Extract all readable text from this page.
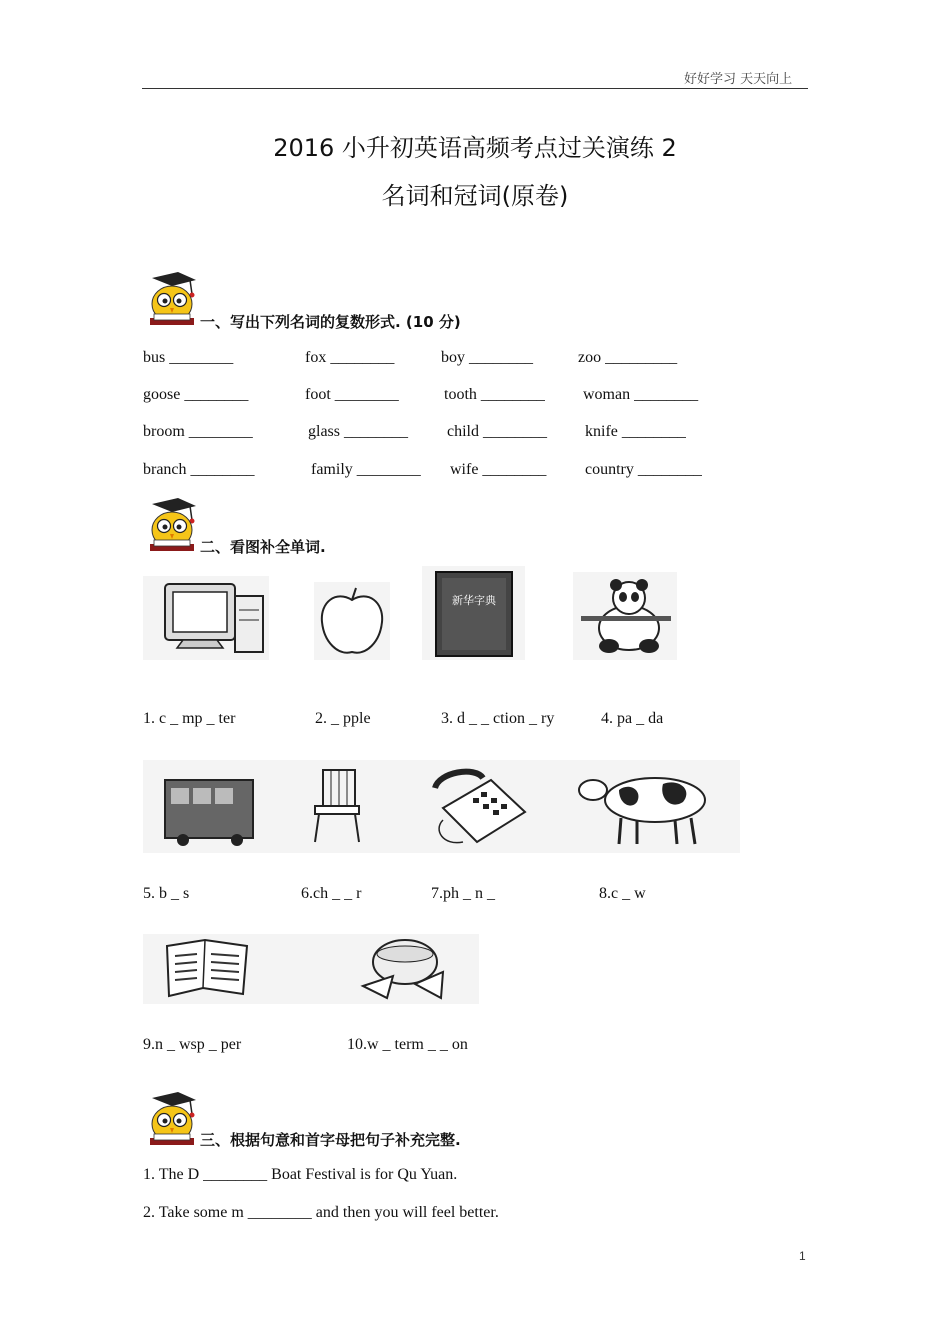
好好学习 天天向上
2016 小升初英语高频考点过关演练 2
名词和冠词(原卷)
一、写出下列名词的复数形式. (10 分)
bus ________	fox ________	boy ________	zoo _________
goose ________	foot ________	tooth ________ woman ________
broom ________	glass ________ child ________ knife ________
branch ________	family ________ wife ________ country ________
二、看图补全单词.
新华字典
1. c _ mp _ ter	2. _ pple	3. d _ _ ction _ ry	4. pa _ da
5. b _ s	6.ch _ _ r	7.ph _ n _	8.c _ w
9.n _ wsp _ per	10.w _ term _ _ on
三、根据句意和首字母把句子补充完整.
1. The D ________ Boat Festival is for Qu Yuan.
2. Take some m ________ and then you will feel better.
1
